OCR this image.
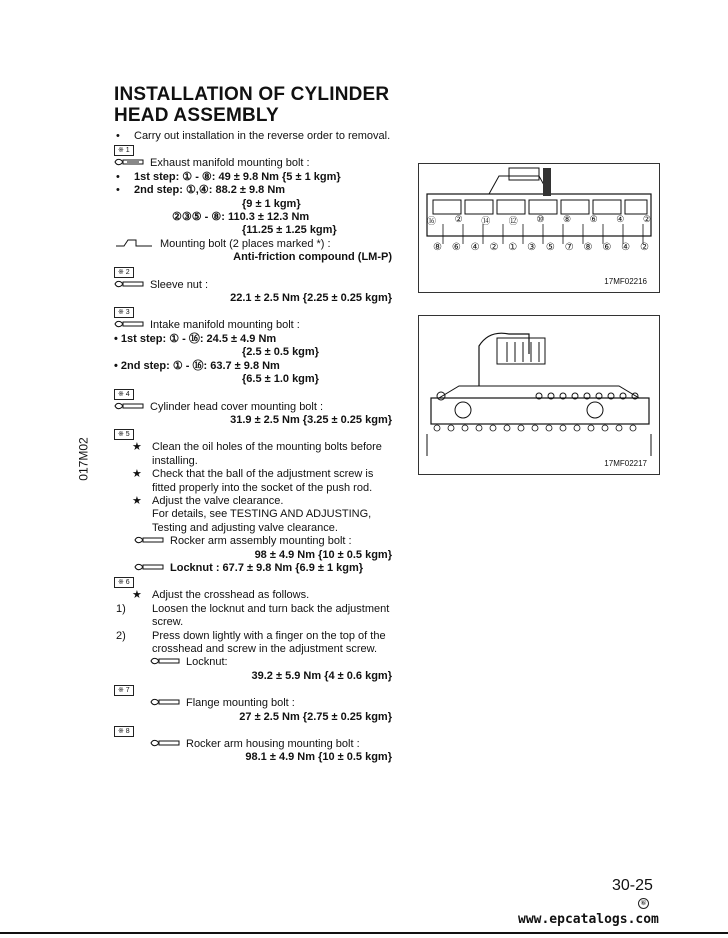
017M02
INSTALLATION OF CYLINDER HEAD ASSEMBLY
• Carry out installation in the reverse order to removal.
※ 1
Exhaust manifold mounting bolt :
• 1st step: ① - ⑧: 49 ± 9.8 Nm {5 ± 1 kgm}
• 2nd step: ①,④: 88.2 ± 9.8 Nm
{9 ± 1 kgm}
②③⑤ - ⑧: 110.3 ± 12.3 Nm
{11.25 ± 1.25 kgm}
Mounting bolt (2 places marked *) :
Anti-friction compound (LM-P)
※ 2
Sleeve nut :
22.1 ± 2.5 Nm {2.25 ± 0.25 kgm}
※ 3
Intake manifold mounting bolt :
• 1st step: ① - ⑯: 24.5 ± 4.9 Nm
{2.5 ± 0.5 kgm}
• 2nd step: ① - ⑯: 63.7 ± 9.8 Nm
{6.5 ± 1.0 kgm}
※ 4
Cylinder head cover mounting bolt :
31.9 ± 2.5 Nm {3.25 ± 0.25 kgm}
※ 5
★ Clean the oil holes of the mounting bolts before installing.
★ Check that the ball of the adjustment screw is fitted properly into the socket of the push rod.
★ Adjust the valve clearance.
For details, see TESTING AND ADJUSTING, Testing and adjusting valve clearance.
Rocker arm assembly mounting bolt :
98 ± 4.9 Nm {10 ± 0.5 kgm}
Locknut : 67.7 ± 9.8 Nm {6.9 ± 1 kgm}
※ 6
★ Adjust the crosshead as follows.
1) Loosen the locknut and turn back the adjustment screw.
2) Press down lightly with a finger on the top of the crosshead and screw in the adjustment screw.
Locknut:
39.2 ± 5.9 Nm {4 ± 0.6 kgm}
※ 7
Flange mounting bolt :
27 ± 2.5 Nm {2.75 ± 0.25 kgm}
※ 8
Rocker arm housing mounting bolt :
98.1 ± 4.9 Nm {10 ± 0.5 kgm}
⑯ ② ⑭ ⑫ ⑩ ⑧ ⑥ ④ ②
⑧ ⑥ ④ ② ① ③ ⑤ ⑦ ⑧ ⑥ ④ ②
17MF02216
17MF02217
30-25
⑥
www.epcatalogs.com
